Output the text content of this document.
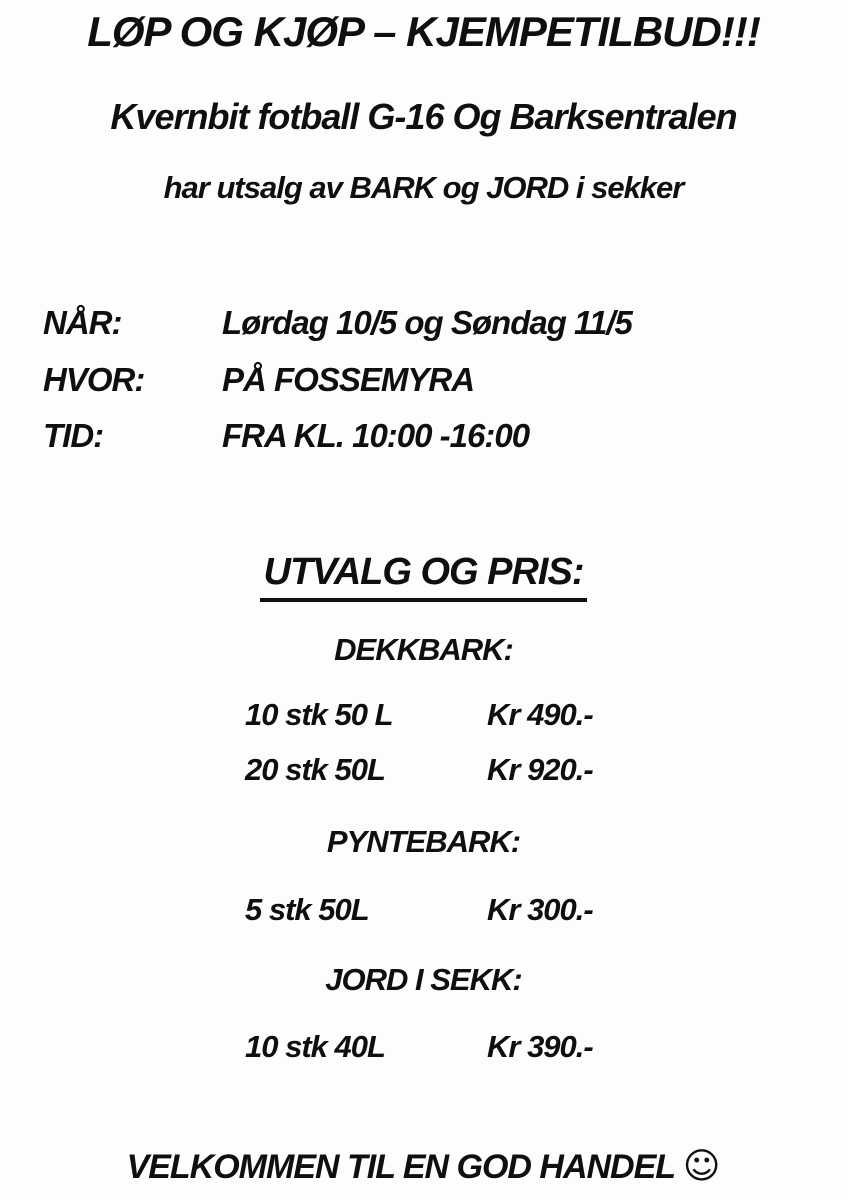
LØP OG KJØP – KJEMPETILBUD!!!
Kvernbit fotball G-16 Og Barksentralen
har utsalg av BARK og JORD i sekker
NÅR:	Lørdag 10/5 og Søndag 11/5
HVOR: PÅ FOSSEMYRA
TID:	FRA KL. 10:00 -16:00
UTVALG OG PRIS:
DEKKBARK:
10 stk 50 L	Kr 490.-
20 stk 50L	Kr 920.-
PYNTEBARK:
5 stk 50L	Kr 300.-
JORD I SEKK:
10 stk 40L	Kr 390.-
VELKOMMEN TIL EN GOD HANDEL ☺
